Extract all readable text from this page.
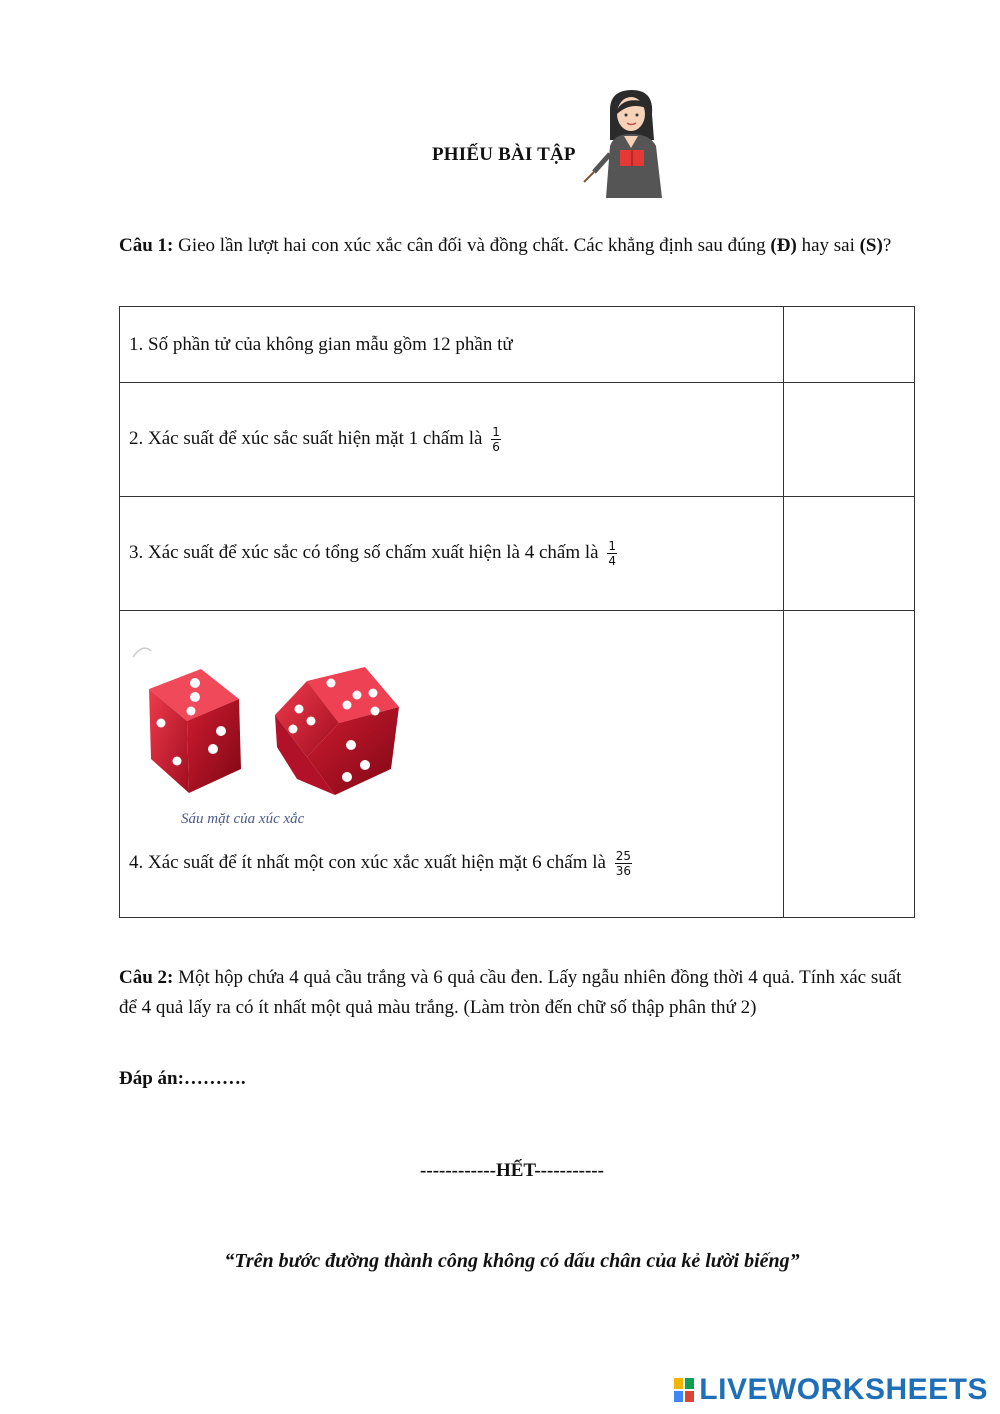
PHIẾU BÀI TẬP
Câu 1: Gieo lần lượt hai con xúc xắc cân đối và đồng chất. Các khẳng định sau đúng (Đ) hay sai (S)?
1. Số phần tử của không gian mẫu gồm 12 phần tử	
2. Xác suất để xúc sắc suất hiện mặt 1 chấm là $\frac{1}{6}$

3. Xác suất để xúc sắc có tổng số chấm xuất hiện là 4 chấm là $\frac{1}{4}$

Sáu mặt của xúc xắc
4. Xác suất để ít nhất một con xúc xắc xuất hiện mặt 6 chấm là $\frac{25}{36}$

Câu 2: Một hộp chứa 4 quả cầu trắng và 6 quả cầu đen. Lấy ngẫu nhiên đồng thời 4 quả. Tính xác suất để 4 quả lấy ra có ít nhất một quả màu trắng. (Làm tròn đến chữ số thập phân thứ 2)
Đáp án:……….
------------HẾT-----------
“Trên bước đường thành công không có dấu chân của kẻ lười biếng”
LIVEWORKSHEETS
